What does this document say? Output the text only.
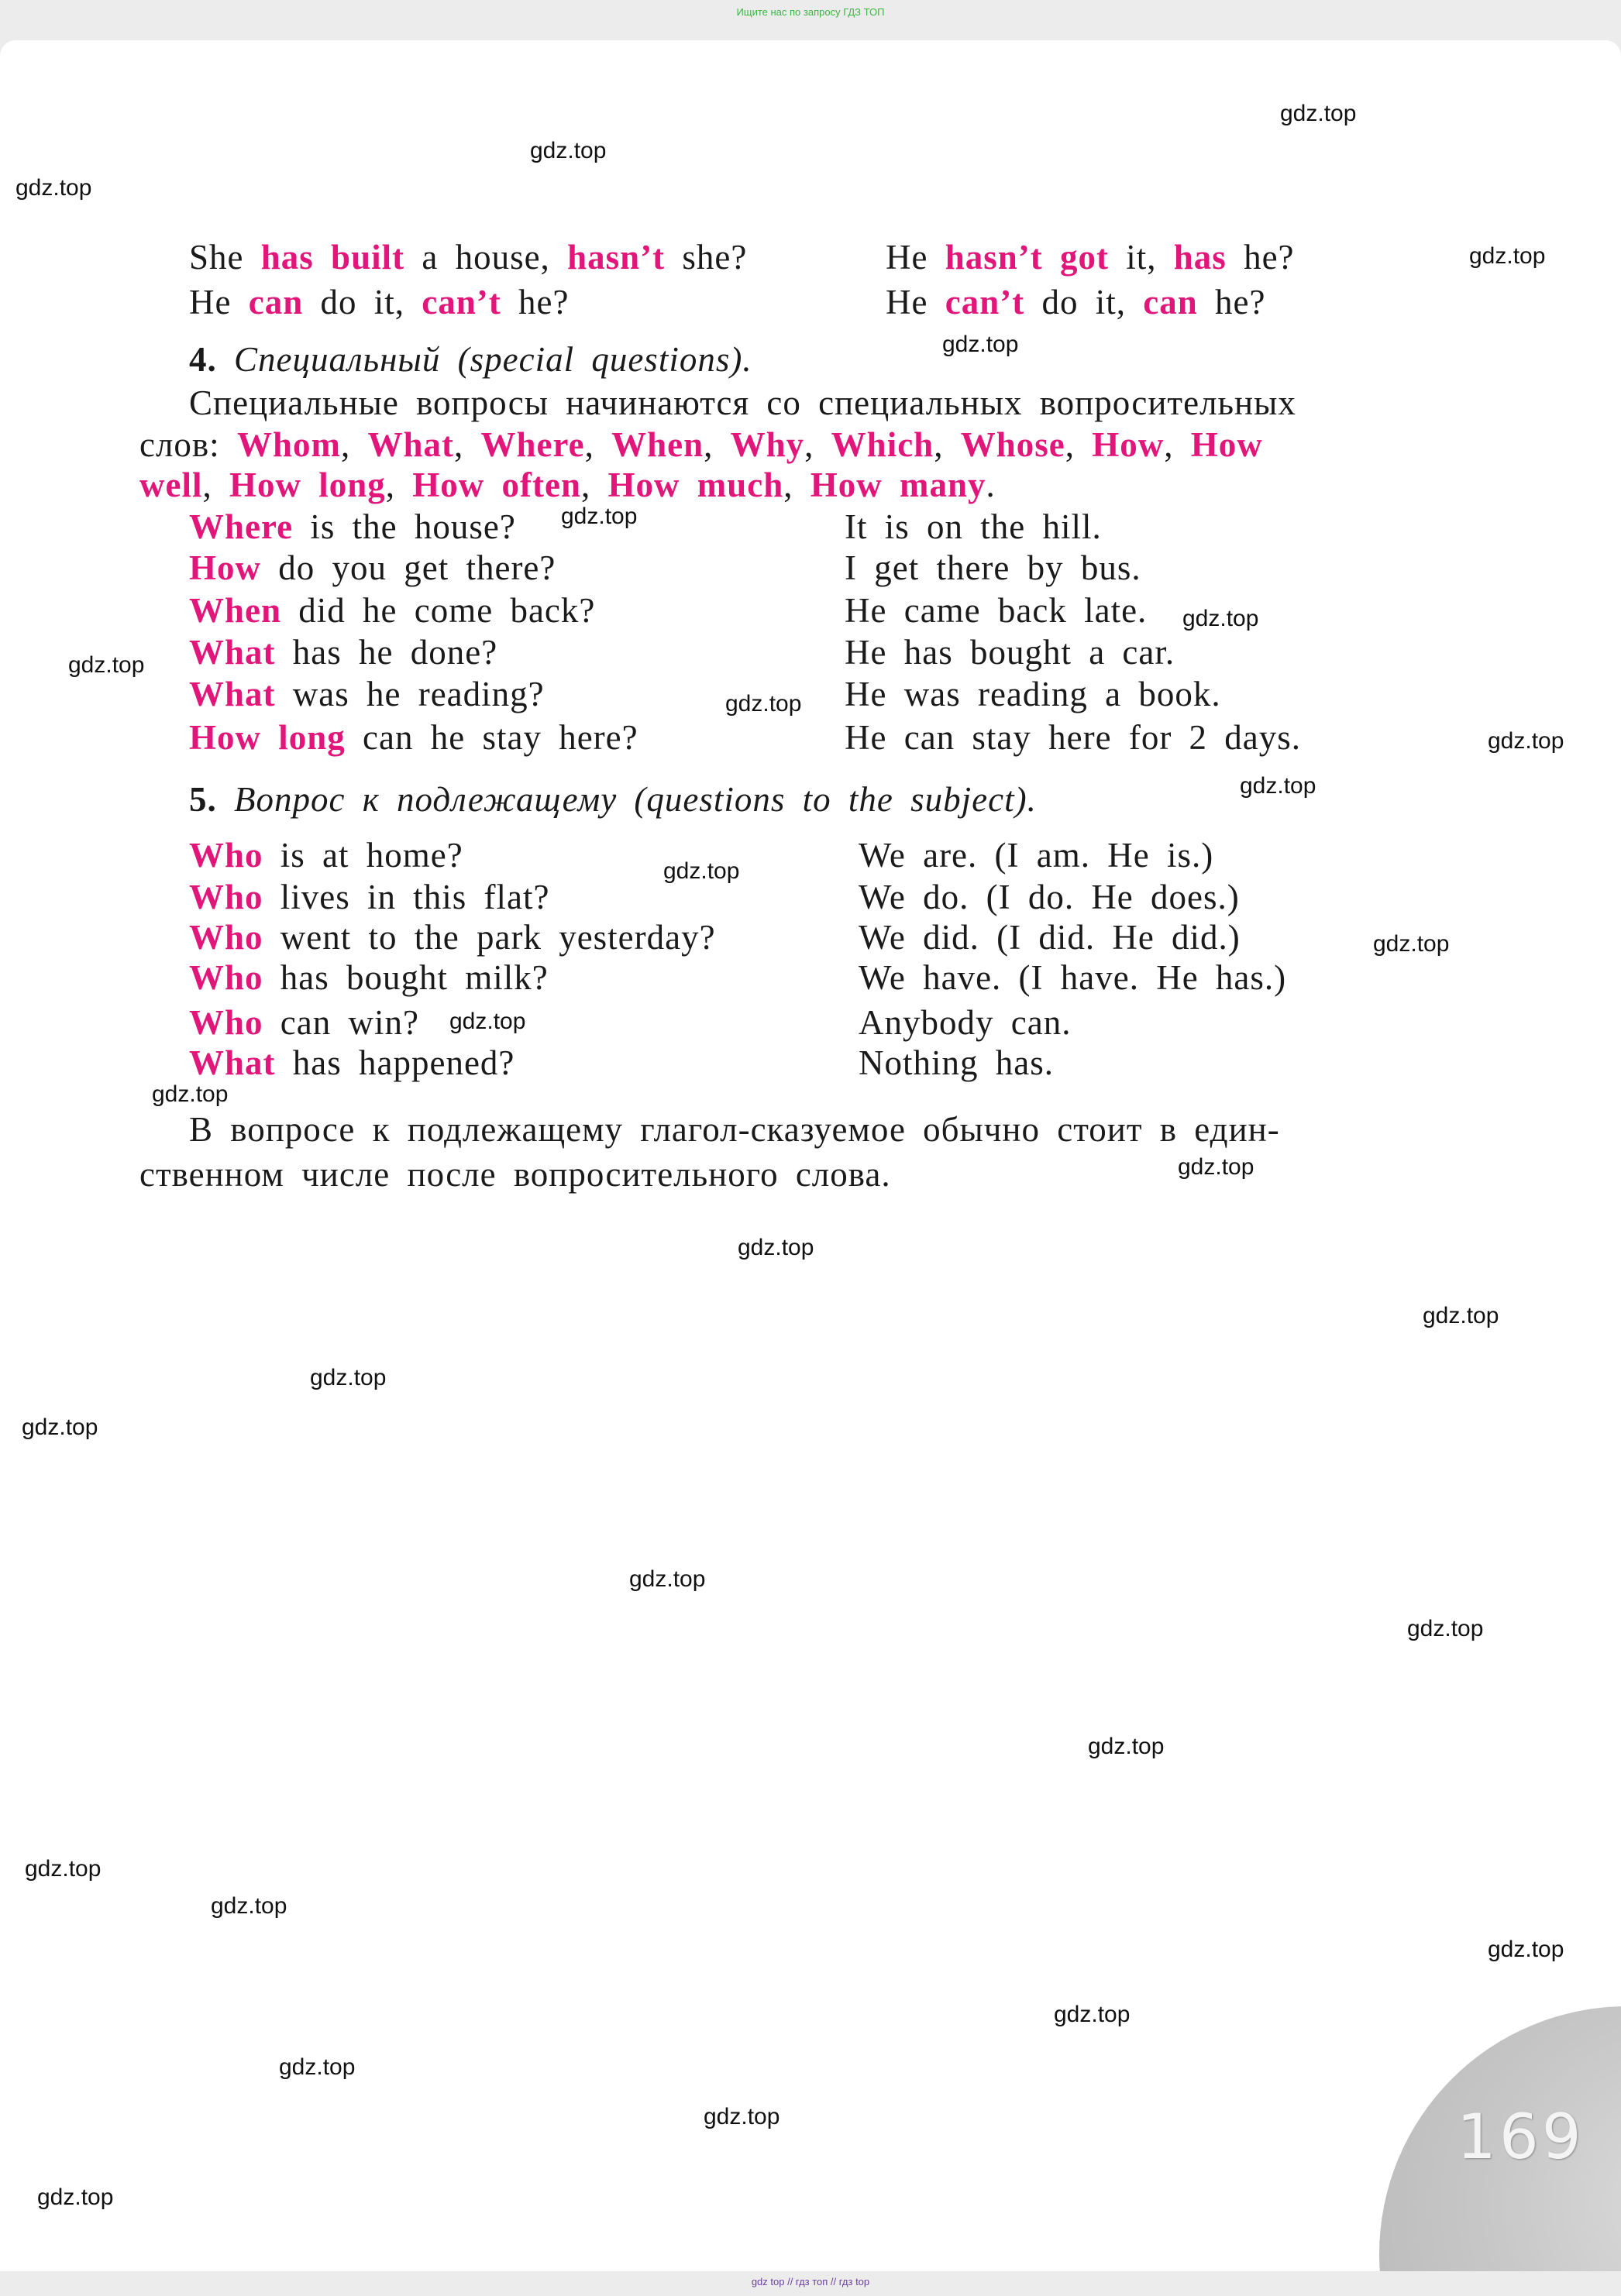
Ищите нас по запросу ГДЗ ТОП
169
She has built a house, hasn’t she?	He hasn’t got it, has he?
He can do it, can’t he?	He can’t do it, can he?
4. Специальный (special questions).
Специальные вопросы начинаются со специальных вопросительных
слов: Whom, What, Where, When, Why, Which, Whose, How, How
well, How long, How often, How much, How many.
Where is the house?	It is on the hill.
How do you get there?	I get there by bus.
When did he come back?	He came back late.
What has he done?	He has bought a car.
What was he reading?	He was reading a book.
How long can he stay here?	He can stay here for 2 days.
5. Вопрос к подлежащему (questions to the subject).
Who is at home?	We are. (I am. He is.)
Who lives in this flat?	We do. (I do. He does.)
Who went to the park yesterday?	We did. (I did. He did.)
Who has bought milk?	We have. (I have. He has.)
Who can win?	Anybody can.
What has happened?	Nothing has.
В вопросе к подлежащему глагол-сказуемое обычно стоит в един-
ственном числе после вопросительного слова.
gdz.top
gdz.top
gdz.top
gdz.top
gdz.top
gdz.top
gdz.top
gdz.top
gdz.top
gdz.top
gdz.top
gdz.top
gdz.top
gdz.top
gdz.top
gdz.top
gdz.top
gdz.top
gdz.top
gdz.top
gdz.top
gdz.top
gdz.top
gdz.top
gdz.top
gdz.top
gdz.top
gdz.top
gdz.top
gdz.top
gdz top // гдз топ // гдз top
